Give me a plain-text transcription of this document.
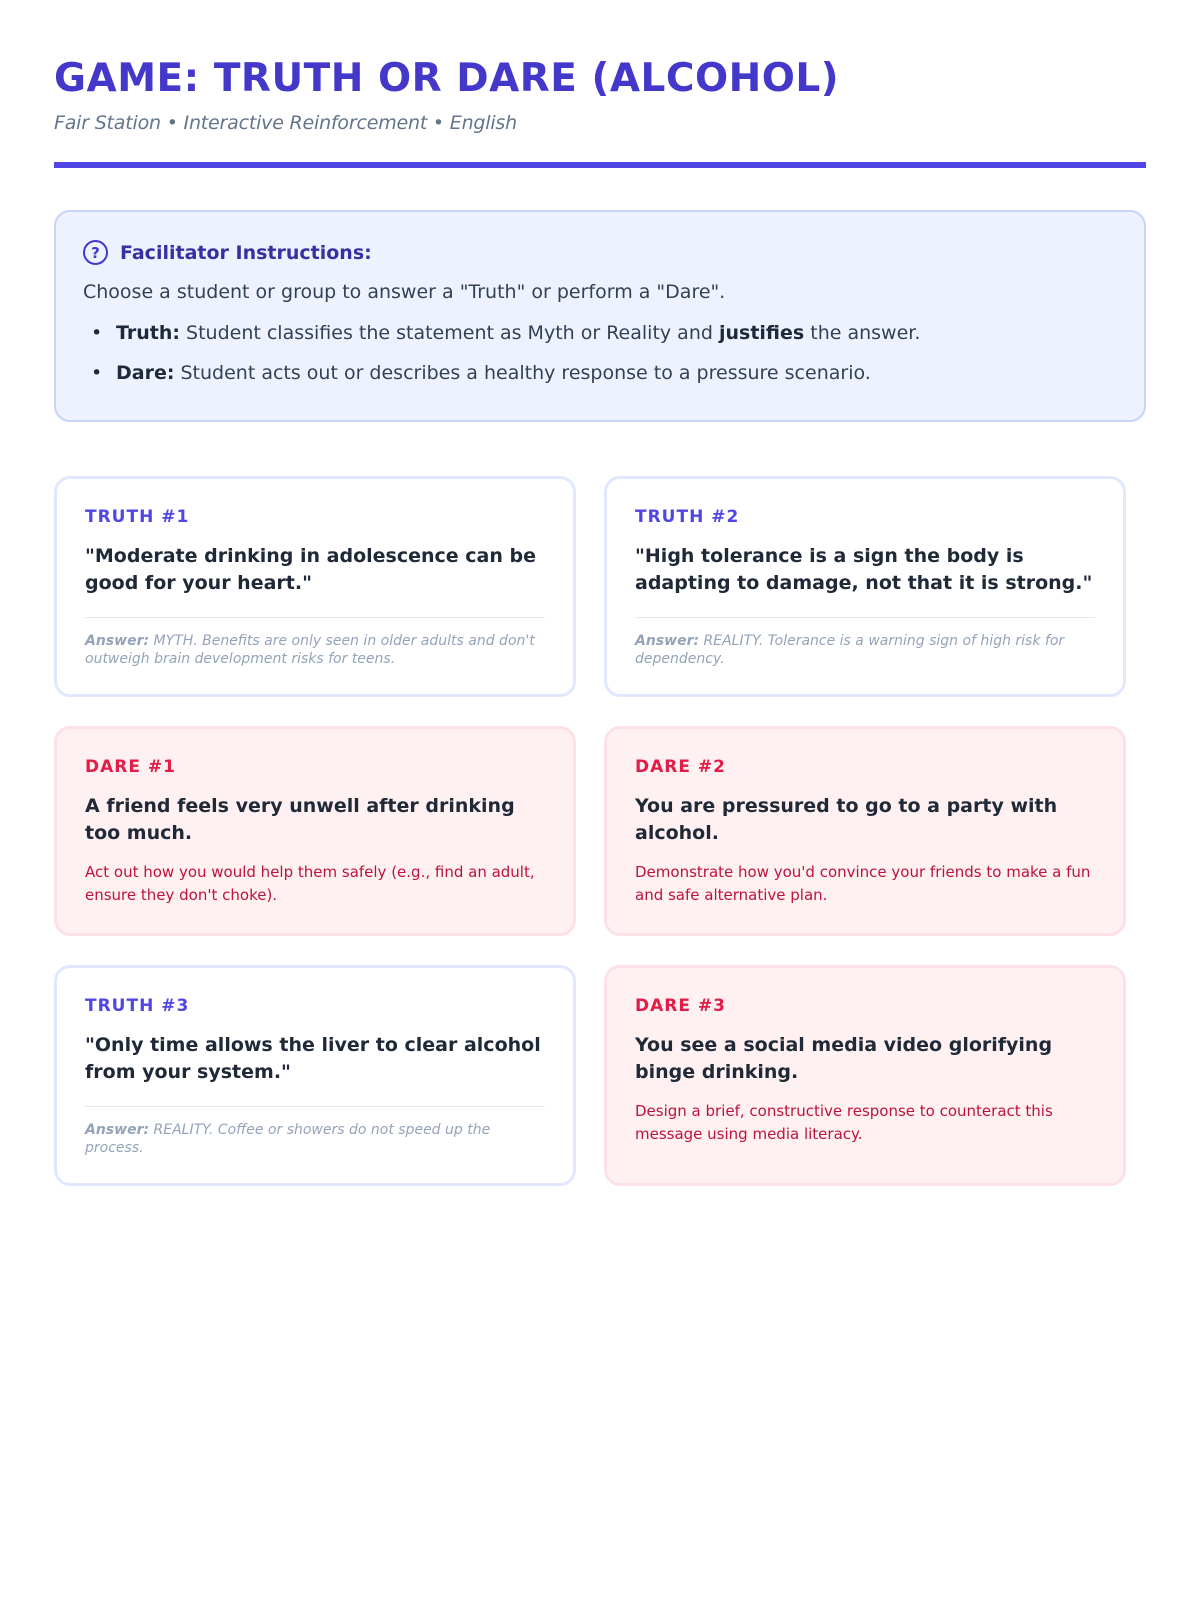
GAME: TRUTH OR DARE (ALCOHOL)
Fair Station • Interactive Reinforcement • English
?	Facilitator Instructions:

Choose a student or group to answer a "Truth" or perform a "Dare".

• Truth: Student classifies the statement as Myth or Reality and justifies the answer.
• Dare: Student acts out or describes a healthy response to a pressure scenario.
TRUTH #1
"Moderate drinking in adolescence can be good for your heart."
Answer: MYTH. Benefits are only seen in older adults and don't outweigh brain development risks for teens.
TRUTH #2
"High tolerance is a sign the body is adapting to damage, not that it is strong."
Answer: REALITY. Tolerance is a warning sign of high risk for dependency.
DARE #1
A friend feels very unwell after drinking too much.
Act out how you would help them safely (e.g., find an adult, ensure they don't choke).
DARE #2
You are pressured to go to a party with alcohol.
Demonstrate how you'd convince your friends to make a fun and safe alternative plan.
TRUTH #3
"Only time allows the liver to clear alcohol from your system."
Answer: REALITY. Coffee or showers do not speed up the process.
DARE #3
You see a social media video glorifying binge drinking.
Design a brief, constructive response to counteract this message using media literacy.
